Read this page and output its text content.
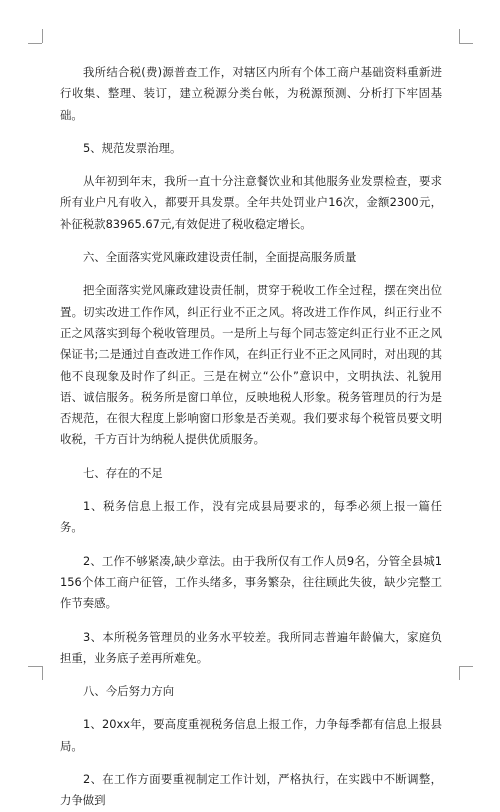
我所结合税(费)源普查工作，对辖区内所有个体工商户基础资料重新进行收集、整理、装订，建立税源分类台帐，为税源预测、分析打下牢固基础。

5、规范发票治理。

从年初到年末，我所一直十分注意餐饮业和其他服务业发票检查，要求所有业户凡有收入，都要开具发票。全年共处罚业户16次，金额2300元，补征税款83965.67元,有效促进了税收稳定增长。

六、全面落实党风廉政建设责任制，全面提高服务质量

把全面落实党风廉政建设责任制，贯穿于税收工作全过程，摆在突出位置。切实改进工作作风，纠正行业不正之风。将改进工作作风，纠正行业不正之风落实到每个税收管理员。一是所上与每个同志签定纠正行业不正之风保证书;二是通过自查改进工作作风，在纠正行业不正之风同时，对出现的其他不良现象及时作了纠正。三是在树立“公仆”意识中，文明执法、礼貌用语、诚信服务。税务所是窗口单位，反映地税人形象。税务管理员的行为是否规范，在很大程度上影响窗口形象是否美观。我们要求每个税管员要文明收税，千方百计为纳税人提供优质服务。

七、存在的不足

1、税务信息上报工作，没有完成县局要求的，每季必须上报一篇任务。

2、工作不够紧凑,缺少章法。由于我所仅有工作人员9名，分管全县城1156个体工商户征管，工作头绪多，事务繁杂，往往顾此失彼，缺少完整工作节奏感。

3、本所税务管理员的业务水平较差。我所同志普遍年龄偏大，家庭负担重，业务底子差再所难免。

八、今后努力方向

1、20xx年，要高度重视税务信息上报工作，力争每季都有信息上报县局。

2、在工作方面要重视制定工作计划，严格执行，在实践中不断调整，力争做到
